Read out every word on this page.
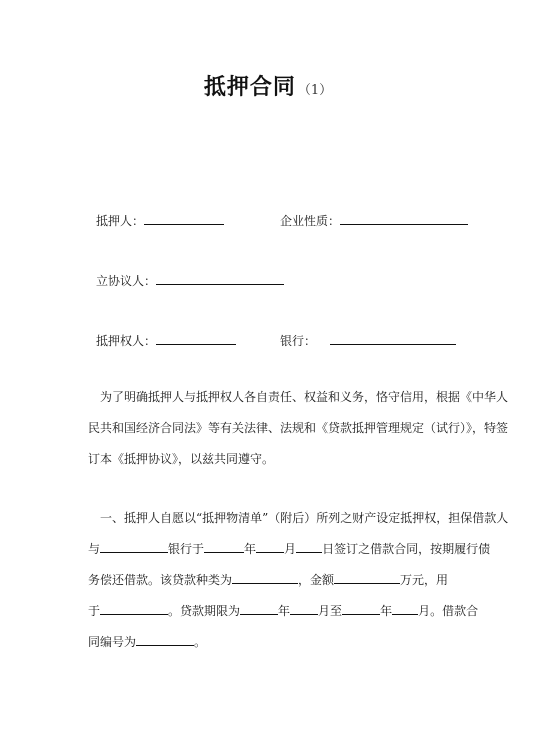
抵押合同 （1）
抵押人：	企业性质：
立协议人：
抵押权人：	银行：
为了明确抵押人与抵押权人各自责任、权益和义务，恪守信用，根据《中华人
民共和国经济合同法》等有关法律、法规和《贷款抵押管理规定（试行）》，特签
订本《抵押协议》，以兹共同遵守。
一、抵押人自愿以“抵押物清单”（附后）所列之财产设定抵押权，担保借款人
与	银行于	年 月 日签订之借款合同，按期履行债
务偿还借款。该贷款种类为	，金额	万元，用
于	。贷款期限为	年 月至	年 月。借款合
同编号为	。
